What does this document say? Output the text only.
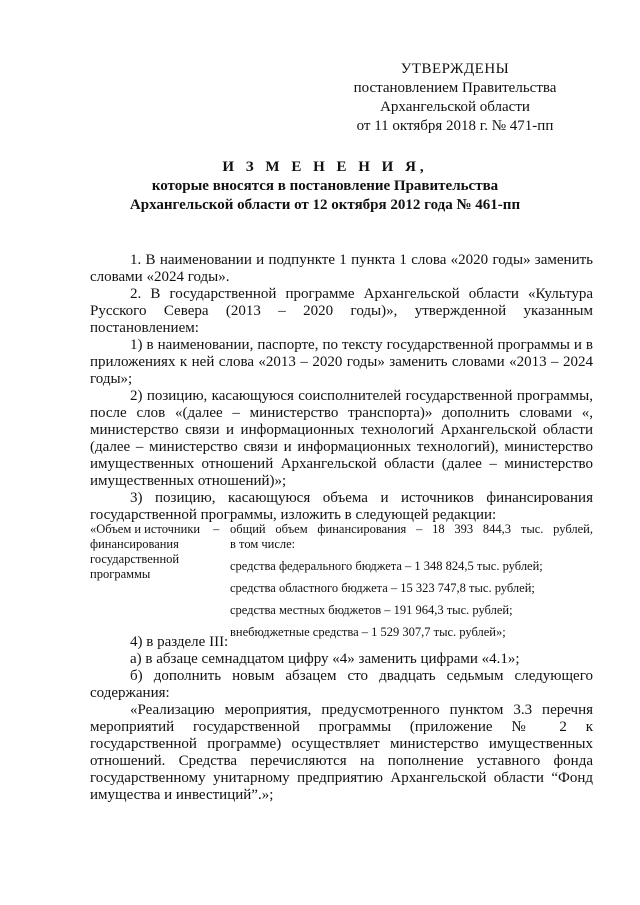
УТВЕРЖДЕНЫ
постановлением Правительства
Архангельской области
от 11 октября 2018 г. № 471-пп
И З М Е Н Е Н И Я,
которые вносятся в постановление Правительства
Архангельской области от 12 октября 2012 года № 461-пп

1. В наименовании и подпункте 1 пункта 1 слова «2020 годы» заменить словами «2024 годы».

2. В государственной программе Архангельской области «Культура Русского Севера (2013 – 2020 годы)», утвержденной указанным постановлением:

1) в наименовании, паспорте, по тексту государственной программы и в приложениях к ней слова «2013 – 2020 годы» заменить словами «2013 – 2024 годы»;

2) позицию, касающуюся соисполнителей государственной программы, после слов «(далее – министерство транспорта)» дополнить словами «, министерство связи и информационных технологий Архангельской области (далее – министерство связи и информационных технологий), министерство имущественных отношений Архангельской области (далее – министерство имущественных отношений)»;

3) позицию, касающуюся объема и источников финансирования государственной программы, изложить в следующей редакции:

«Объем и источники финансирования государственной программы
– общий объем финансирования – 18 393 844,3 тыс. рублей,
в том числе:
средства федерального бюджета – 1 348 824,5 тыс. рублей;
средства областного бюджета – 15 323 747,8 тыс. рублей;
средства местных бюджетов – 191 964,3 тыс. рублей;
внебюджетные средства – 1 529 307,7 тыс. рублей»;

4) в разделе III:

а) в абзаце семнадцатом цифру «4» заменить цифрами «4.1»;

б) дополнить новым абзацем сто двадцать седьмым следующего содержания:

«Реализацию мероприятия, предусмотренного пунктом 3.3 перечня мероприятий государственной программы (приложение № 2 к государственной программе) осуществляет министерство имущественных отношений. Средства перечисляются на пополнение уставного фонда государственному унитарному предприятию Архангельской области “Фонд имущества и инвестиций”.»;
